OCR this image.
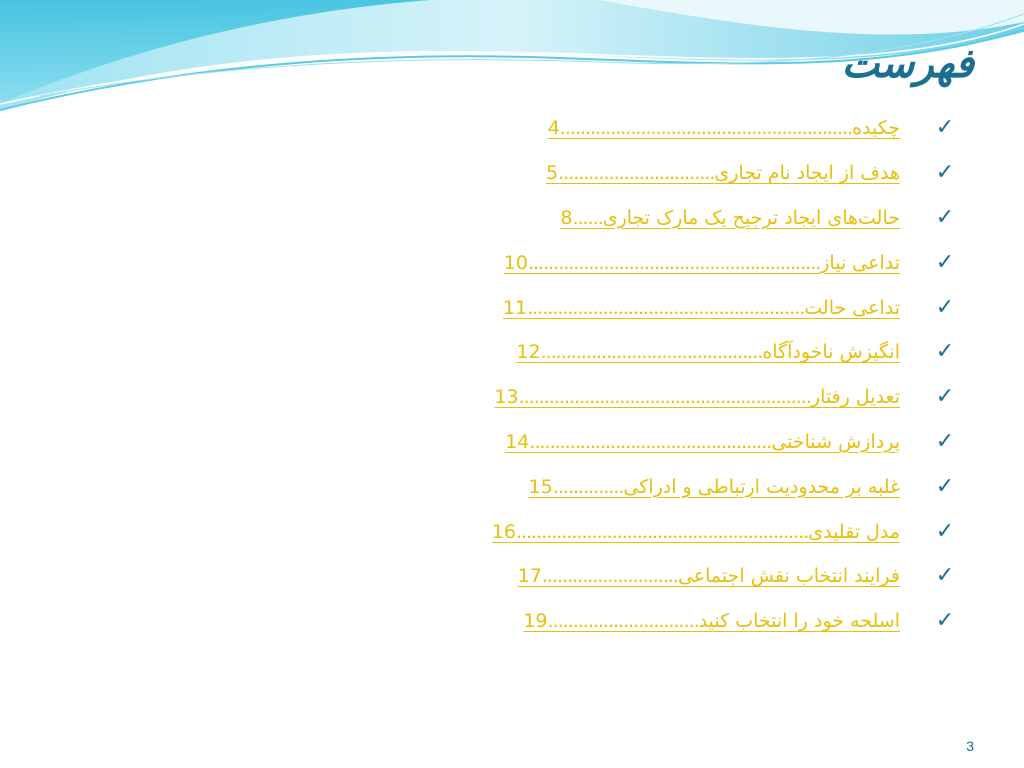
فهرست
✓
چکیده
..........................................................
4
✓
هدف از ایجاد نام تجاری
...............................
5
✓
حالت‌های ایجاد ترجیح یک مارک تجاری
......
8
✓
تداعی نیاز
..........................................................
10
✓
تداعی حالت
.......................................................
11
✓
انگیزش ناخودآگاه
............................................
12
✓
تعدیل رفتار
..........................................................
13
✓
پردازش شناختی
................................................
14
✓
غلبه بر محدودیت ارتباطی و ادراکی
..............
15
✓
مدل تقلیدی
..........................................................
16
✓
فرایند انتخاب نقش اجتماعی
...........................
17
✓
اسلحه خود را انتخاب کنید
..............................
19
3
